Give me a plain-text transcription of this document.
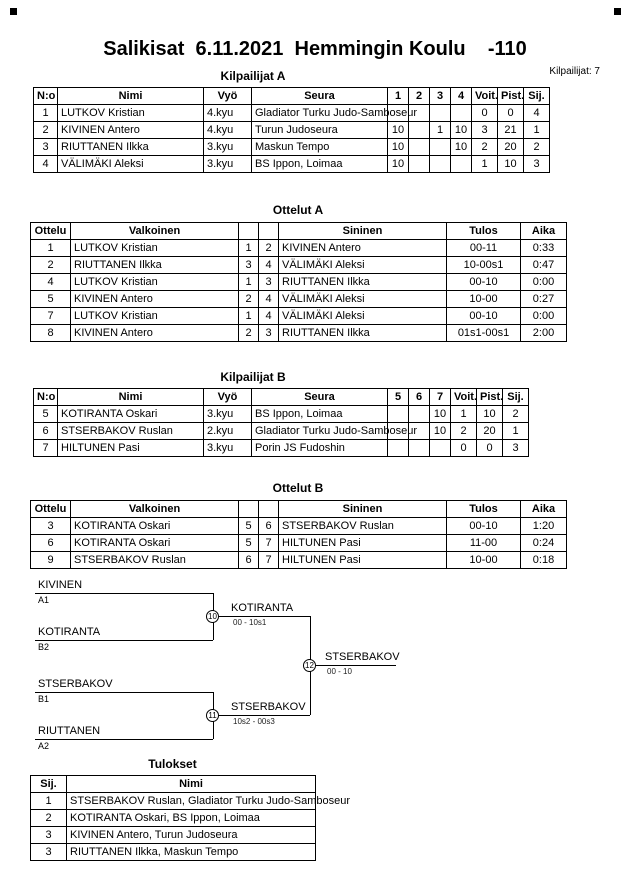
Salikisat  6.11.2021  Hemmingin Koulu    -110
Kilpailijat: 7
Kilpailijat A
N:o	Nimi	Vyö	Seura	1	2	3	4	Voit.	Pist.	Sij.
1	LUTKOV Kristian	4.kyu	Gladiator Turku Judo-Samboseur					0	0	4
2	KIVINEN Antero	4.kyu	Turun Judoseura	10		1	10	3	21	1
3	RIUTTANEN Ilkka	3.kyu	Maskun Tempo	10			10	2	20	2
4	VÄLIMÄKI Aleksi	3.kyu	BS Ippon, Loimaa	10				1	10	3
Ottelut A
Ottelu	Valkoinen			Sininen	Tulos	Aika
1	LUTKOV Kristian	1	2	KIVINEN Antero	00-11	0:33
2	RIUTTANEN Ilkka	3	4	VÄLIMÄKI Aleksi	10-00s1	0:47
4	LUTKOV Kristian	1	3	RIUTTANEN Ilkka	00-10	0:00
5	KIVINEN Antero	2	4	VÄLIMÄKI Aleksi	10-00	0:27
7	LUTKOV Kristian	1	4	VÄLIMÄKI Aleksi	00-10	0:00
8	KIVINEN Antero	2	3	RIUTTANEN Ilkka	01s1-00s1	2:00
Kilpailijat B
N:o	Nimi	Vyö	Seura	5	6	7	Voit.	Pist.	Sij.
5	KOTIRANTA Oskari	3.kyu	BS Ippon, Loimaa			10	1	10	2
6	STSERBAKOV Ruslan	2.kyu	Gladiator Turku Judo-Samboseur			10	2	20	1
7	HILTUNEN Pasi	3.kyu	Porin JS Fudoshin				0	0	3
Ottelut B
Ottelu	Valkoinen			Sininen	Tulos	Aika
3	KOTIRANTA Oskari	5	6	STSERBAKOV Ruslan	00-10	1:20
6	KOTIRANTA Oskari	5	7	HILTUNEN Pasi	11-00	0:24
9	STSERBAKOV Ruslan	6	7	HILTUNEN Pasi	10-00	0:18
KIVINEN
A1
KOTIRANTA
B2
10
KOTIRANTA
00 - 10s1
STSERBAKOV
B1
RIUTTANEN
A2
11
STSERBAKOV
10s2 - 00s3
12
STSERBAKOV
00 - 10
Tulokset
Sij.	Nimi
1	STSERBAKOV Ruslan, Gladiator Turku Judo-Samboseur
2	KOTIRANTA Oskari, BS Ippon, Loimaa
3	KIVINEN Antero, Turun Judoseura
3	RIUTTANEN Ilkka, Maskun Tempo
